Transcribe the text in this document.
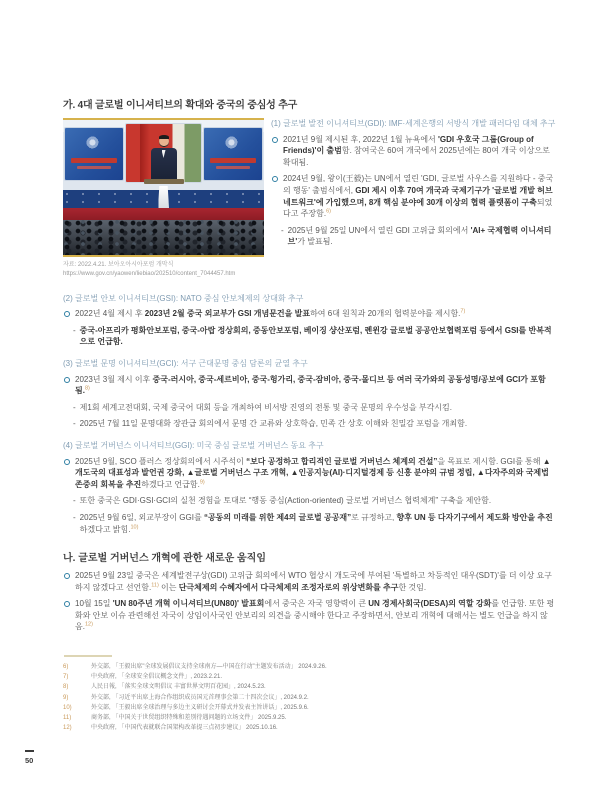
가. 4대 글로벌 이니셔티브의 확대와 중국의 중심성 추구
자료: 2022.4.21. 보아오아시아포럼 개막식
https://www.gov.cn/yaowen/liebiao/202510/content_7044457.htm
(1) 글로벌 발전 이니셔티브(GDI): IMF·세계은행의 서방식 개발 패러다임 대체 추구
2021년 9월 제시된 후, 2022년 1월 뉴욕에서 'GDI 우호국 그룹(Group of Friends)'이 출범함. 참여국은 60여 개국에서 2025년에는 80여 개국 이상으로 확대됨.
2024년 9월, 왕이(王毅)는 UN에서 열린 'GDI, 글로벌 사우스를 지원하다 - 중국의 행동' 출범식에서, GDI 제시 이후 70여 개국과 국제기구가 '글로벌 개발 허브 네트워크'에 가입했으며, 8개 핵심 분야에 30개 이상의 협력 플랫폼이 구축되었다고 주장함.$^{6)}$
- 2025년 9월 25일 UN에서 열린 GDI 고위급 회의에서 'AI+ 국제협력 이니셔티브'가 발표됨.
(2) 글로벌 안보 이니셔티브(GSI): NATO 중심 안보체제의 상대화 추구
2022년 4월 제시 후 2023년 2월 중국 외교부가 GSI 개념문건을 발표하여 6대 원칙과 20개의 협력분야를 제시함.$^{7)}$
- 중국-아프리카 평화안보포럼, 중국-아랍 정상회의, 중동안보포럼, 베이징 샹산포럼, 롄윈강 글로벌 공공안보협력포럼 등에서 GSI를 반복적으로 언급함.
(3) 글로벌 문명 이니셔티브(GCI): 서구 근대문명 중심 담론의 균열 추구
2023년 3월 제시 이후 중국-러시아, 중국-세르비아, 중국-헝가리, 중국-잠비아, 중국-몰디브 등 여러 국가와의 공동성명/공보에 GCI가 포함됨.$^{8)}$
- 제1회 세계고전대회, 국제 중국어 대회 등을 개최하여 비서방 진영의 전통 및 중국 문명의 우수성을 부각시킴.
- 2025년 7월 11일 문명대화 장관급 회의에서 문명 간 교류와 상호학습, 민족 간 상호 이해와 친밀감 포럼을 개최함.
(4) 글로벌 거버넌스 이니셔티브(GGI): 미국 중심 글로벌 거버넌스 동요 추구
2025년 9월, SCO 플러스 정상회의에서 시주석이 “보다 공정하고 합리적인 글로벌 거버넌스 체계의 건설”을 목표로 제시함. GGI를 통해 ▲개도국의 대표성과 발언권 강화, ▲글로벌 거버넌스 구조 개혁, ▲인공지능(AI)·디지털경제 등 신흥 분야의 규범 정립, ▲다자주의와 국제법 존중의 회복을 추진하겠다고 언급함.$^{9)}$
- 또한 중국은 GDI·GSI·GCI의 실천 경험을 토대로 “행동 중심(Action-oriented) 글로벌 거버넌스 협력체계” 구축을 제안함.
- 2025년 9월 6일, 외교부장이 GGI를 “공동의 미래를 위한 제4의 글로벌 공공재”로 규정하고, 향후 UN 등 다자기구에서 제도화 방안을 추진하겠다고 밝힘.$^{10)}$
나. 글로벌 거버넌스 개혁에 관한 새로운 움직임
2025년 9월 23일 중국은 세계발전구상(GDI) 고위급 회의에서 WTO 협상시 개도국에 부여된 '특별하고 차등적인 대우(SDT)'를 더 이상 요구하지 않겠다고 선언함.$^{11)}$ 이는 단극체제의 수혜자에서 다극체제의 조정자로의 위상변화를 추구한 것임.
10월 15일 'UN 80주년 개혁 이니셔티브(UN80)' 발표회에서 중국은 자국 영향력이 큰 UN 경제사회국(DESA)의 역할 강화를 언급함. 또한 평화와 안보 이슈 관련해선 자국이 상임이사국인 안보리의 의견을 중시해야 한다고 주장하면서, 안보리 개혁에 대해서는 별도 언급을 하지 않음.$^{12)}$
6)	外交部, 「王毅出席"全球发展倡议支持全球南方—中国在行动"主题发布活动」 2024.9.26.
7)	中央政府, 「全球安全倡议概念文件」, 2023.2.21.
8)	人民日報, 「落实全球文明倡议 丰富世界文明百花园」, 2024.5.23.
9)	外交部, 「习近平出席上海合作组织成员国元首理事会第二十四次会议」, 2024.9.2.
10)	外交部, 「王毅出席全球治理与多边主义研讨会开幕式并发表主旨讲话」, 2025.9.6.
11)	商务部, 「中国关于世贸组织特殊和差别待遇问题的立场文件」 2025.9.25.
12)	中央政府, 「中国代表就联合国架构改革提三点初步建议」 2025.10.16.
50
